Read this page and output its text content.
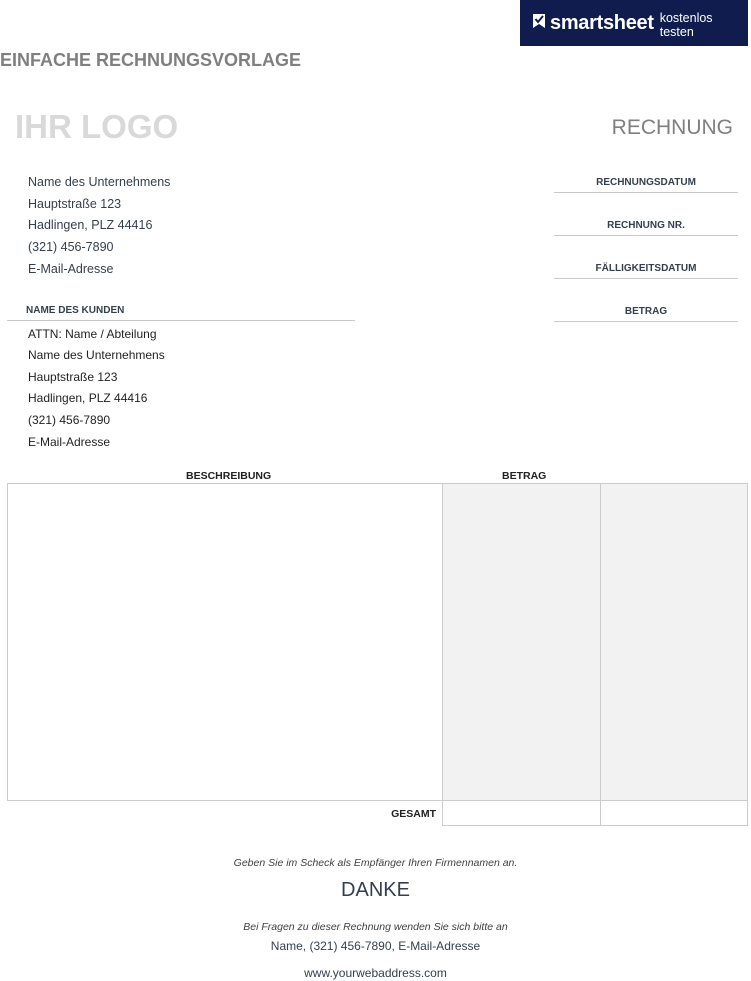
smartsheet kostenlos testen
EINFACHE RECHNUNGSVORLAGE
IHR LOGO	RECHNUNG
Name des Unternehmens
Hauptstraße 123
Hadlingen, PLZ 44416
(321) 456-7890
E-Mail-Adresse
RECHNUNGSDATUM
RECHNUNG NR.
FÄLLIGKEITSDATUM
BETRAG
NAME DES KUNDEN
ATTN: Name / Abteilung
Name des Unternehmens
Hauptstraße 123
Hadlingen, PLZ 44416
(321) 456-7890
E-Mail-Adresse
BESCHREIBUNG	BETRAG
GESAMT
Geben Sie im Scheck als Empfänger Ihren Firmennamen an.
DANKE
Bei Fragen zu dieser Rechnung wenden Sie sich bitte an
Name, (321) 456-7890, E-Mail-Adresse
www.yourwebaddress.com
